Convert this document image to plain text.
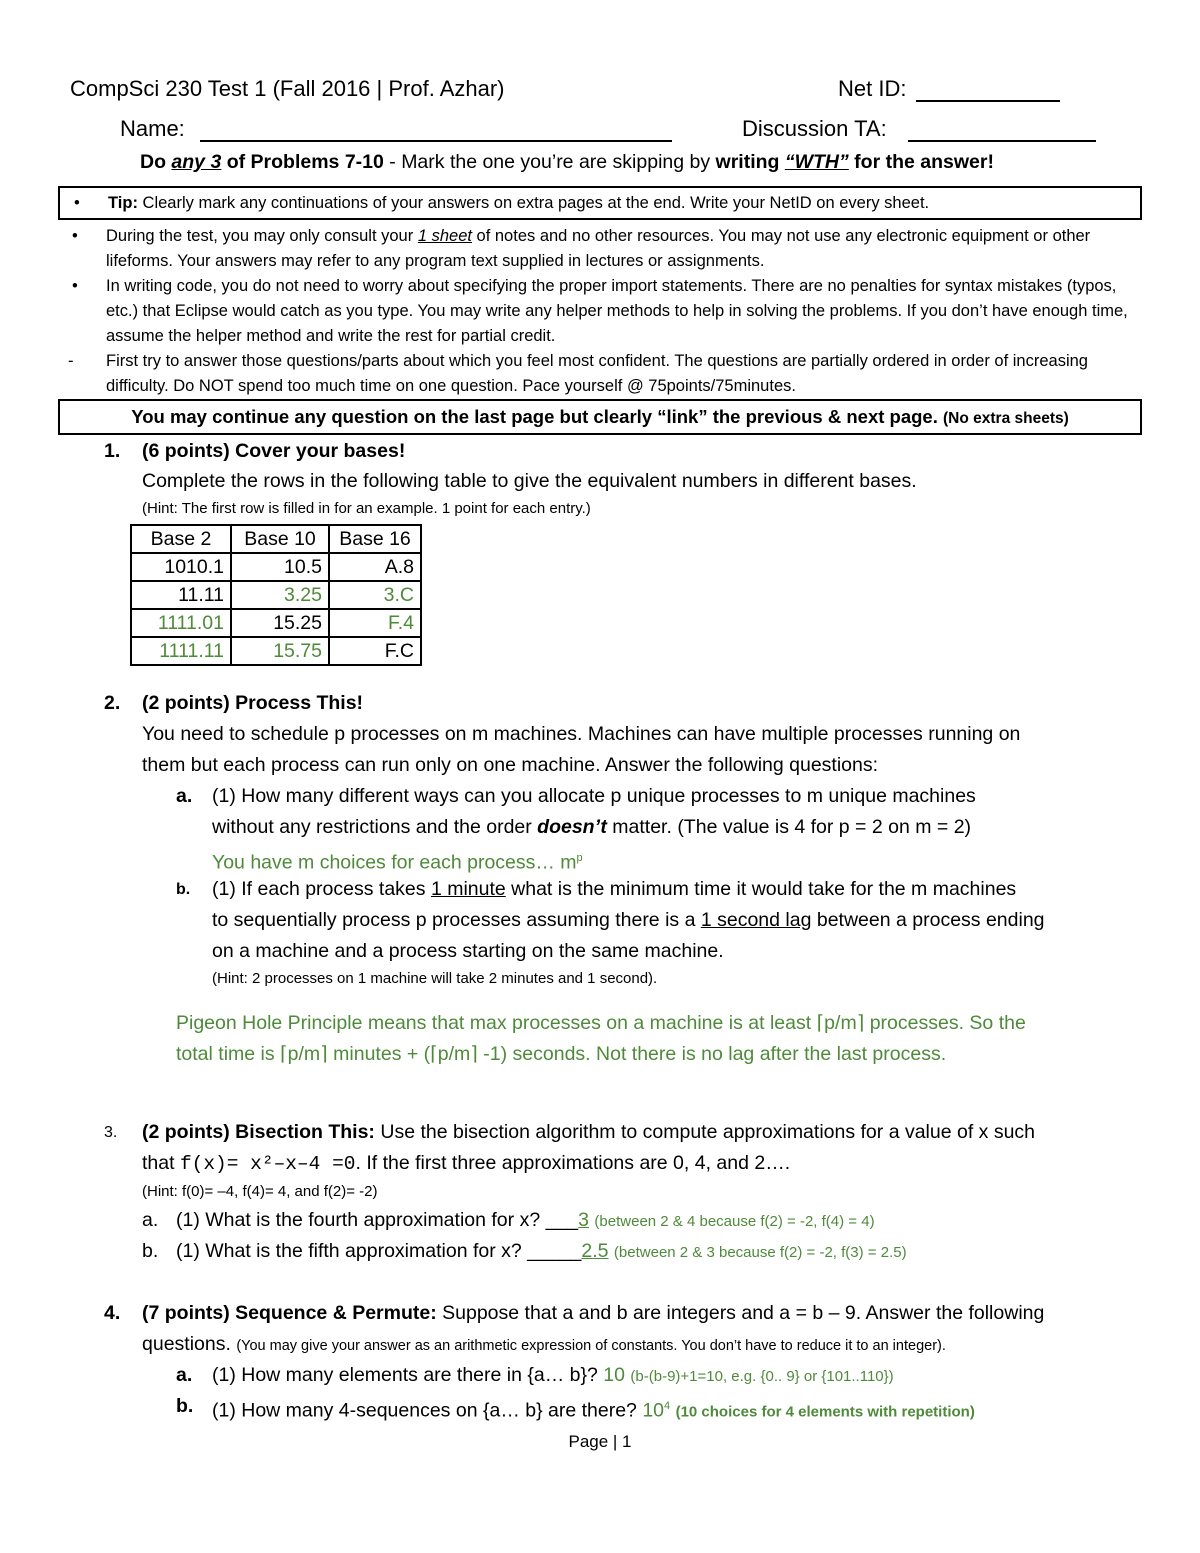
CompSci 230 Test 1 (Fall 2016 | Prof. Azhar)	Net ID:
Name:	Discussion TA:
Do any 3 of Problems 7-10 - Mark the one you’re are skipping by writing “WTH” for the answer!
• Tip: Clearly mark any continuations of your answers on extra pages at the end. Write your NetID on every sheet.
• During the test, you may only consult your 1 sheet of notes and no other resources. You may not use any electronic equipment or other lifeforms. Your answers may refer to any program text supplied in lectures or assignments.
• In writing code, you do not need to worry about specifying the proper import statements. There are no penalties for syntax mistakes (typos, etc.) that Eclipse would catch as you type. You may write any helper methods to help in solving the problems. If you don’t have enough time, assume the helper method and write the rest for partial credit.
- First try to answer those questions/parts about which you feel most confident. The questions are partially ordered in order of increasing difficulty. Do NOT spend too much time on one question. Pace yourself @ 75points/75minutes.
You may continue any question on the last page but clearly “link” the previous & next page. (No extra sheets)
1. (6 points) Cover your bases!
Complete the rows in the following table to give the equivalent numbers in different bases.
(Hint: The first row is filled in for an example. 1 point for each entry.)
Base 2	Base 10	Base 16
1010.1	10.5	A.8
11.11	3.25	3.C
1111.01	15.25	F.4
1111.11	15.75	F.C
2. (2 points) Process This!
You need to schedule p processes on m machines. Machines can have multiple processes running on
them but each process can run only on one machine. Answer the following questions:
a. (1) How many different ways can you allocate p unique processes to m unique machines
without any restrictions and the order doesn’t matter. (The value is 4 for p = 2 on m = 2)
You have m choices for each process… $m^p$
b. (1) If each process takes 1 minute what is the minimum time it would take for the m machines
to sequentially process p processes assuming there is a 1 second lag between a process ending
on a machine and a process starting on the same machine.
(Hint: 2 processes on 1 machine will take 2 minutes and 1 second).
Pigeon Hole Principle means that max processes on a machine is at least ⌈p/m⌉ processes. So the
total time is ⌈p/m⌉ minutes + (⌈p/m⌉ -1) seconds. Not there is no lag after the last process.
3. (2 points) Bisection This: Use the bisection algorithm to compute approximations for a value of x such
that f(x)= x²–x–4 =0. If the first three approximations are 0, 4, and 2….
(Hint: f(0)= –4, f(4)= 4, and f(2)= -2)
a. (1) What is the fourth approximation for x? ___3 (between 2 & 4 because f(2) = -2, f(4) = 4)
b. (1) What is the fifth approximation for x? _____2.5 (between 2 & 3 because f(2) = -2, f(3) = 2.5)
4. (7 points) Sequence & Permute: Suppose that a and b are integers and a = b – 9. Answer the following
questions. (You may give your answer as an arithmetic expression of constants. You don’t have to reduce it to an integer).
a. (1) How many elements are there in {a… b}? 10 (b-(b-9)+1=10, e.g. {0.. 9} or {101..110})
b. (1) How many 4-sequences on {a… b} are there? $10^4$ (10 choices for 4 elements with repetition)
Page | 1
